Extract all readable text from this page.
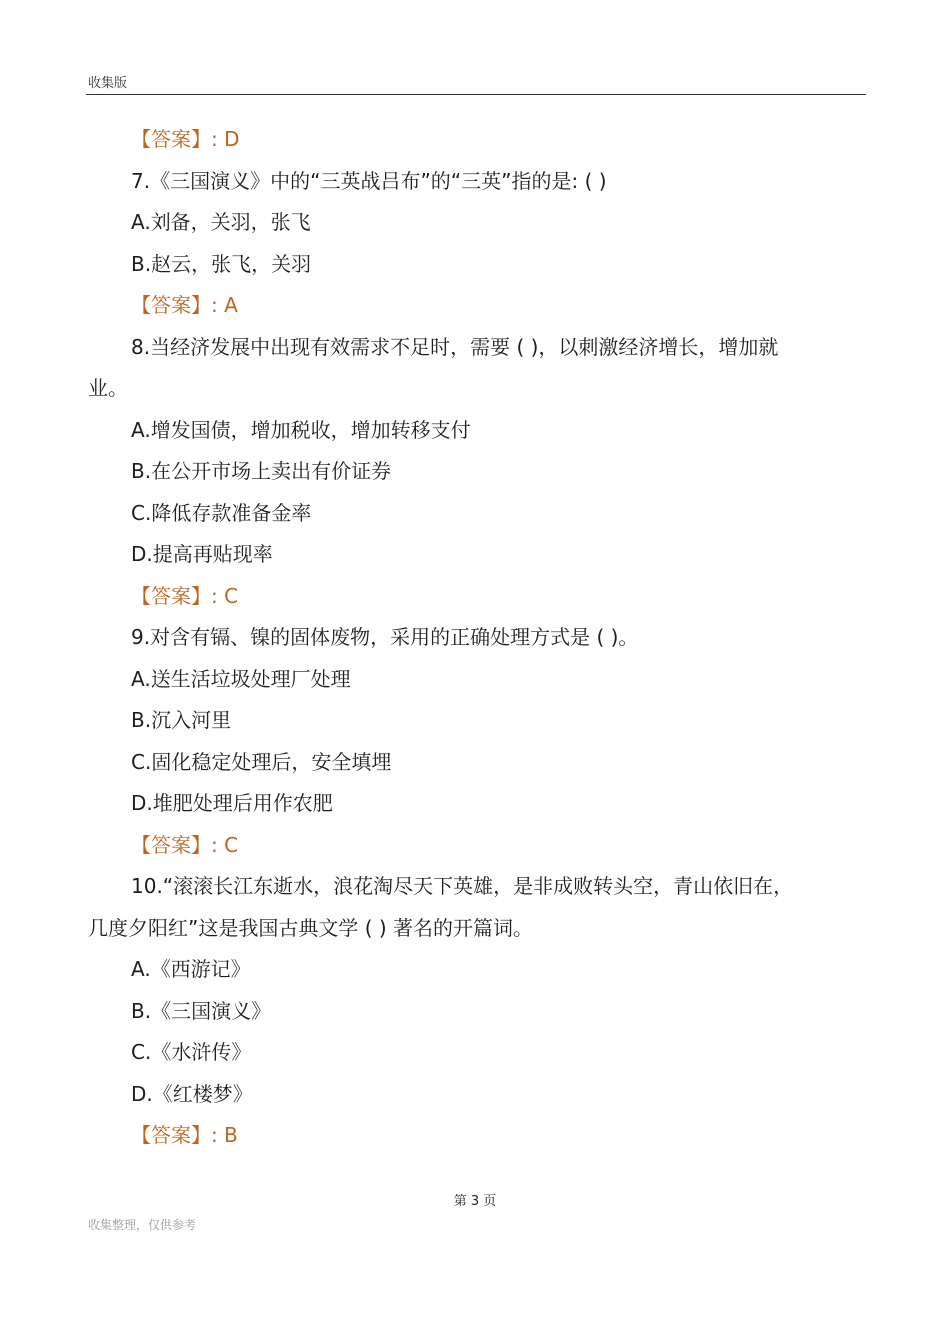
收集版
【答案】: D
7.《三国演义》中的“三英战吕布”的“三英”指的是: ( )
A.刘备，关羽，张飞
B.赵云，张飞，关羽
【答案】: A
8.当经济发展中出现有效需求不足时，需要 ( )，以刺激经济增长，增加就
业。
A.增发国债，增加税收，增加转移支付
B.在公开市场上卖出有价证券
C.降低存款准备金率
D.提高再贴现率
【答案】: C
9.对含有镉、镍的固体废物，采用的正确处理方式是 ( )。
A.送生活垃圾处理厂处理
B.沉入河里
C.固化稳定处理后，安全填埋
D.堆肥处理后用作农肥
【答案】: C
10.“滚滚长江东逝水，浪花淘尽天下英雄，是非成败转头空，青山依旧在，
几度夕阳红”这是我国古典文学 ( ) 著名的开篇词。
A.《西游记》
B.《三国演义》
C.《水浒传》
D.《红楼梦》
【答案】: B
第 3 页
收集整理，仅供参考
